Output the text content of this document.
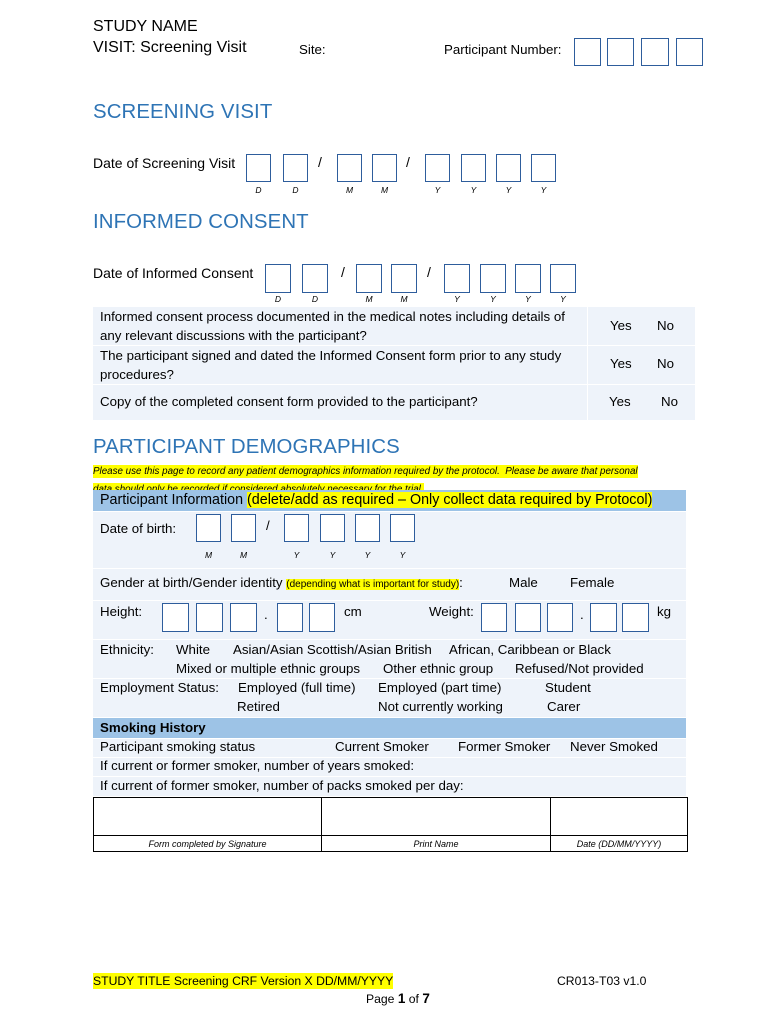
STUDY NAME
VISIT: Screening Visit	Site:	Participant Number:
SCREENING VISIT
Date of Screening Visit	/	/
D	D	M	M	Y	Y	Y	Y
INFORMED CONSENT
Date of Informed Consent	/	/
D	D	M	M	Y	Y	Y	Y
Informed consent process documented in the medical notes including details of
any relevant discussions with the participant?
Yes No
The participant signed and dated the Informed Consent form prior to any study
procedures?
Yes No
Copy of the completed consent form provided to the participant?	Yes No
PARTICIPANT DEMOGRAPHICS
Please use this page to record any patient demographics information required by the protocol.  Please be aware that personal

Participant Information (delete/add as required – Only collect data required by Protocol)
Date of birth:	/
M	M	Y	Y	Y	Y
Gender at birth/Gender identity (depending what is important for study):	Male Female
Height:	.	cm	Weight:	.	kg
Ethnicity: White Asian/Asian Scottish/Asian British African, Caribbean or Black
Mixed or multiple ethnic groups Other ethnic group Refused/Not provided
Employment Status: Employed (full time) Employed (part time)	Student
Retired	Not currently working	Carer
Smoking History
Participant smoking status	Current Smoker Former Smoker Never Smoked
If current or former smoker, number of years smoked:
If current of former smoker, number of packs smoked per day:

Form completed by Signature	Print Name	Date (DD/MM/YYYY)
STUDY TITLE Screening CRF Version X DD/MM/YYYY	CR013-T03 v1.0
Page 1 of 7
